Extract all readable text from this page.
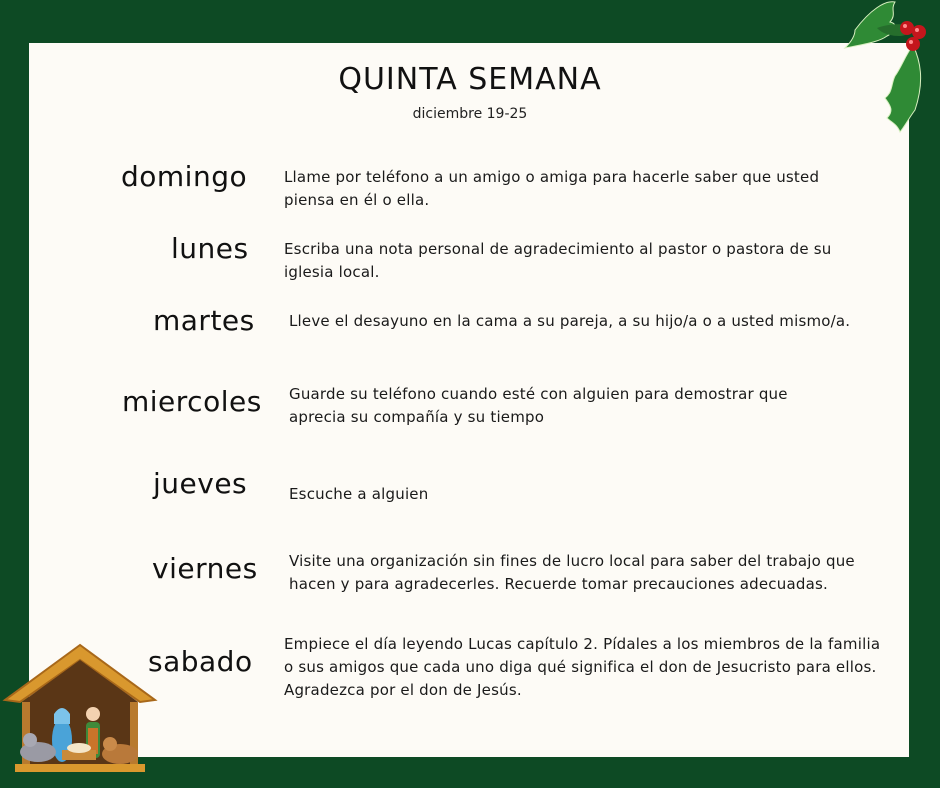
QUINTA SEMANA
diciembre 19-25
domingo Llame por teléfono a un amigo o amiga para hacerle saber que usted piensa en él o ella.
lunes Escriba una nota personal de agradecimiento al pastor o pastora de su iglesia local.
martes Lleve el desayuno en la cama a su pareja, a su hijo/a o a usted mismo/a.
miercoles Guarde su teléfono cuando esté con alguien para demostrar que aprecia su compañía y su tiempo
jueves	Escuche a alguien
viernes Visite una organización sin fines de lucro local para saber del trabajo que hacen y para agradecerles. Recuerde tomar precauciones adecuadas.
sabado
Empiece el día leyendo Lucas capítulo 2. Pídales a los miembros de la familia o sus amigos que cada uno diga qué significa el don de Jesucristo para ellos. Agradezca por el don de Jesús.
